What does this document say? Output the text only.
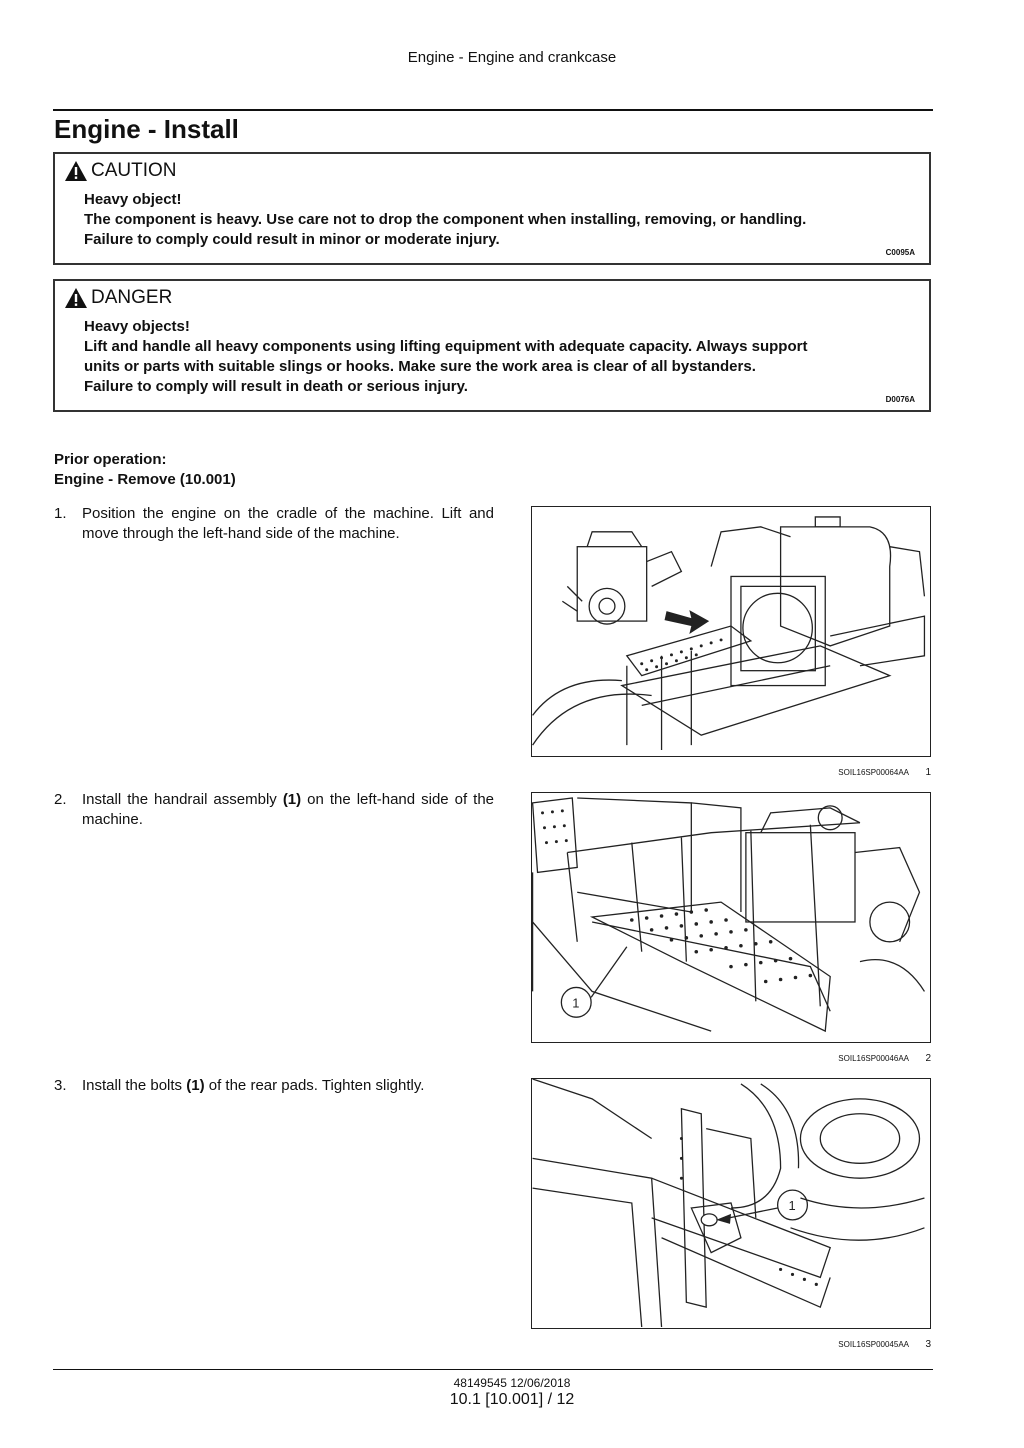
Engine - Engine and crankcase
Engine - Install
CAUTION
Heavy object!
The component is heavy. Use care not to drop the component when installing, removing, or handling.
Failure to comply could result in minor or moderate injury.
C0095A
DANGER
Heavy objects!
Lift and handle all heavy components using lifting equipment with adequate capacity. Always support
units or parts with suitable slings or hooks. Make sure the work area is clear of all bystanders.
Failure to comply will result in death or serious injury.
D0076A
Prior operation:
Engine - Remove (10.001)
1. Position the engine on the cradle of the machine. Lift and move through the left-hand side of the machine.
SOIL16SP00064AA 1
2. Install the handrail assembly (1) on the left-hand side of the machine.
1
SOIL16SP00046AA 2
3. Install the bolts (1) of the rear pads. Tighten slightly.
1
SOIL16SP00045AA 3
48149545 12/06/2018
10.1 [10.001] / 12
